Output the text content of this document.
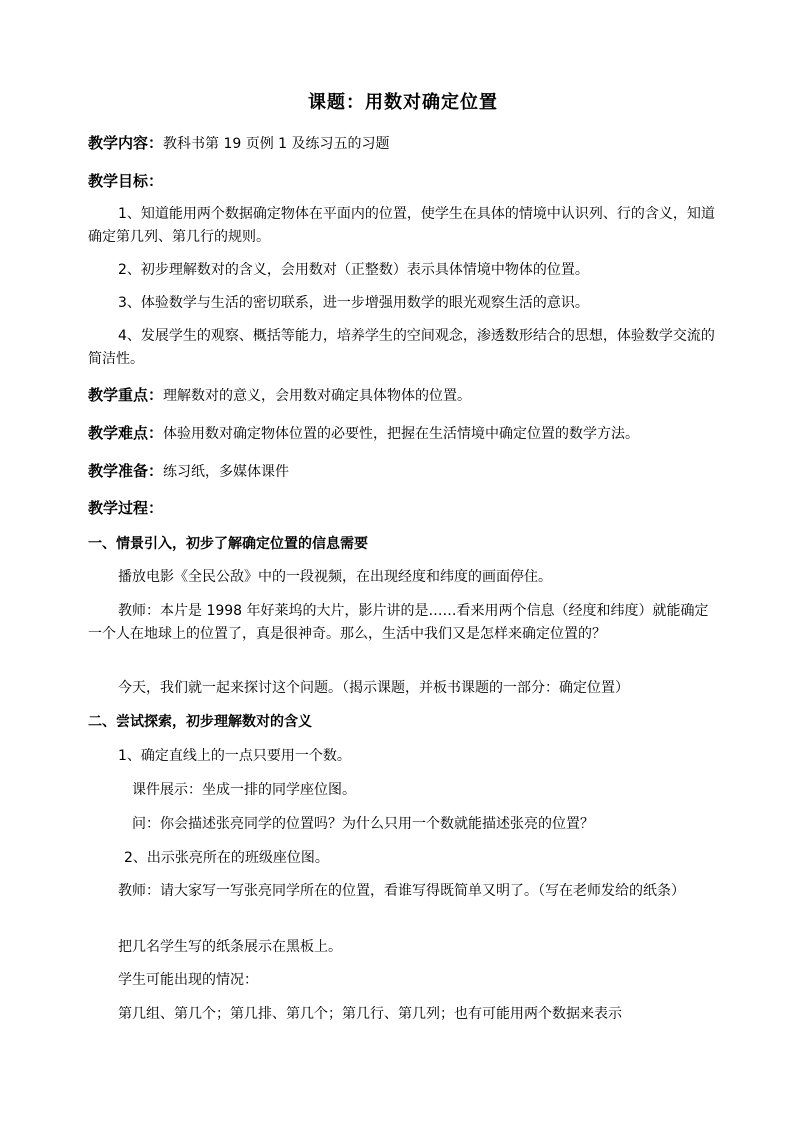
课题：用数对确定位置
教学内容：教科书第 19 页例 1 及练习五的习题
教学目标：
1、知道能用两个数据确定物体在平面内的位置，使学生在具体的情境中认识列、行的含义，知道确定第几列、第几行的规则。
2、初步理解数对的含义，会用数对（正整数）表示具体情境中物体的位置。
3、体验数学与生活的密切联系，进一步增强用数学的眼光观察生活的意识。
4、发展学生的观察、概括等能力，培养学生的空间观念，渗透数形结合的思想，体验数学交流的简洁性。
教学重点：理解数对的意义，会用数对确定具体物体的位置。
教学难点：体验用数对确定物体位置的必要性，把握在生活情境中确定位置的数学方法。
教学准备：练习纸，多媒体课件
教学过程：
一、情景引入，初步了解确定位置的信息需要
播放电影《全民公敌》中的一段视频，在出现经度和纬度的画面停住。
教师：本片是 1998 年好莱坞的大片，影片讲的是……看来用两个信息（经度和纬度）就能确定一个人在地球上的位置了，真是很神奇。那么，生活中我们又是怎样来确定位置的？
今天，我们就一起来探讨这个问题。（揭示课题，并板书课题的一部分：确定位置）
二、尝试探索，初步理解数对的含义
1、确定直线上的一点只要用一个数。
课件展示：坐成一排的同学座位图。
问：你会描述张亮同学的位置吗？为什么只用一个数就能描述张亮的位置？
2、出示张亮所在的班级座位图。
教师：请大家写一写张亮同学所在的位置，看谁写得既简单又明了。（写在老师发给的纸条）
把几名学生写的纸条展示在黑板上。
学生可能出现的情况：
第几组、第几个；第几排、第几个；第几行、第几列；也有可能用两个数据来表示
